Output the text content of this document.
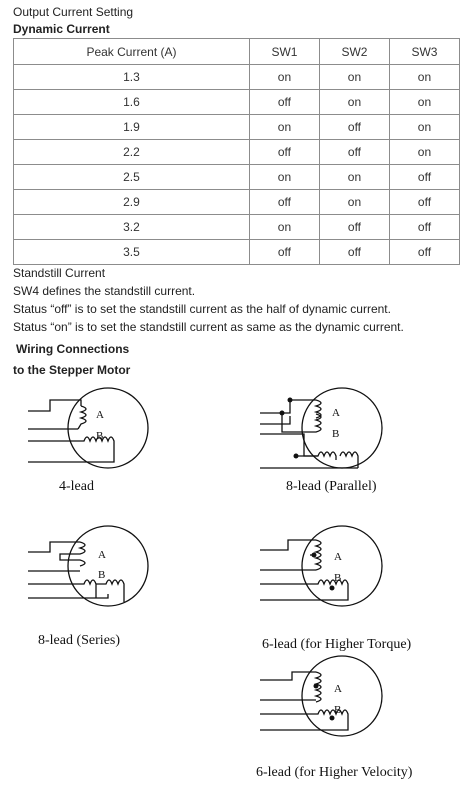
Output Current Setting
Dynamic Current
Peak Current (A)	SW1	SW2	SW3
1.3	on	on	on
1.6	off	on	on
1.9	on	off	on
2.2	off	off	on
2.5	on	on	off
2.9	off	on	off
3.2	on	off	off
3.5	off	off	off
Standstill Current
SW4 defines the standstill current.
Status “off” is to set the standstill current as the half of dynamic current.
Status “on” is to set the standstill current as same as the dynamic current.
Wiring Connections
to the Stepper Motor
A
B
4-lead
A
B
8-lead (Parallel)
A
B
8-lead (Series)
A
B
6-lead (for Higher Torque)
A
B
6-lead (for Higher Velocity)
